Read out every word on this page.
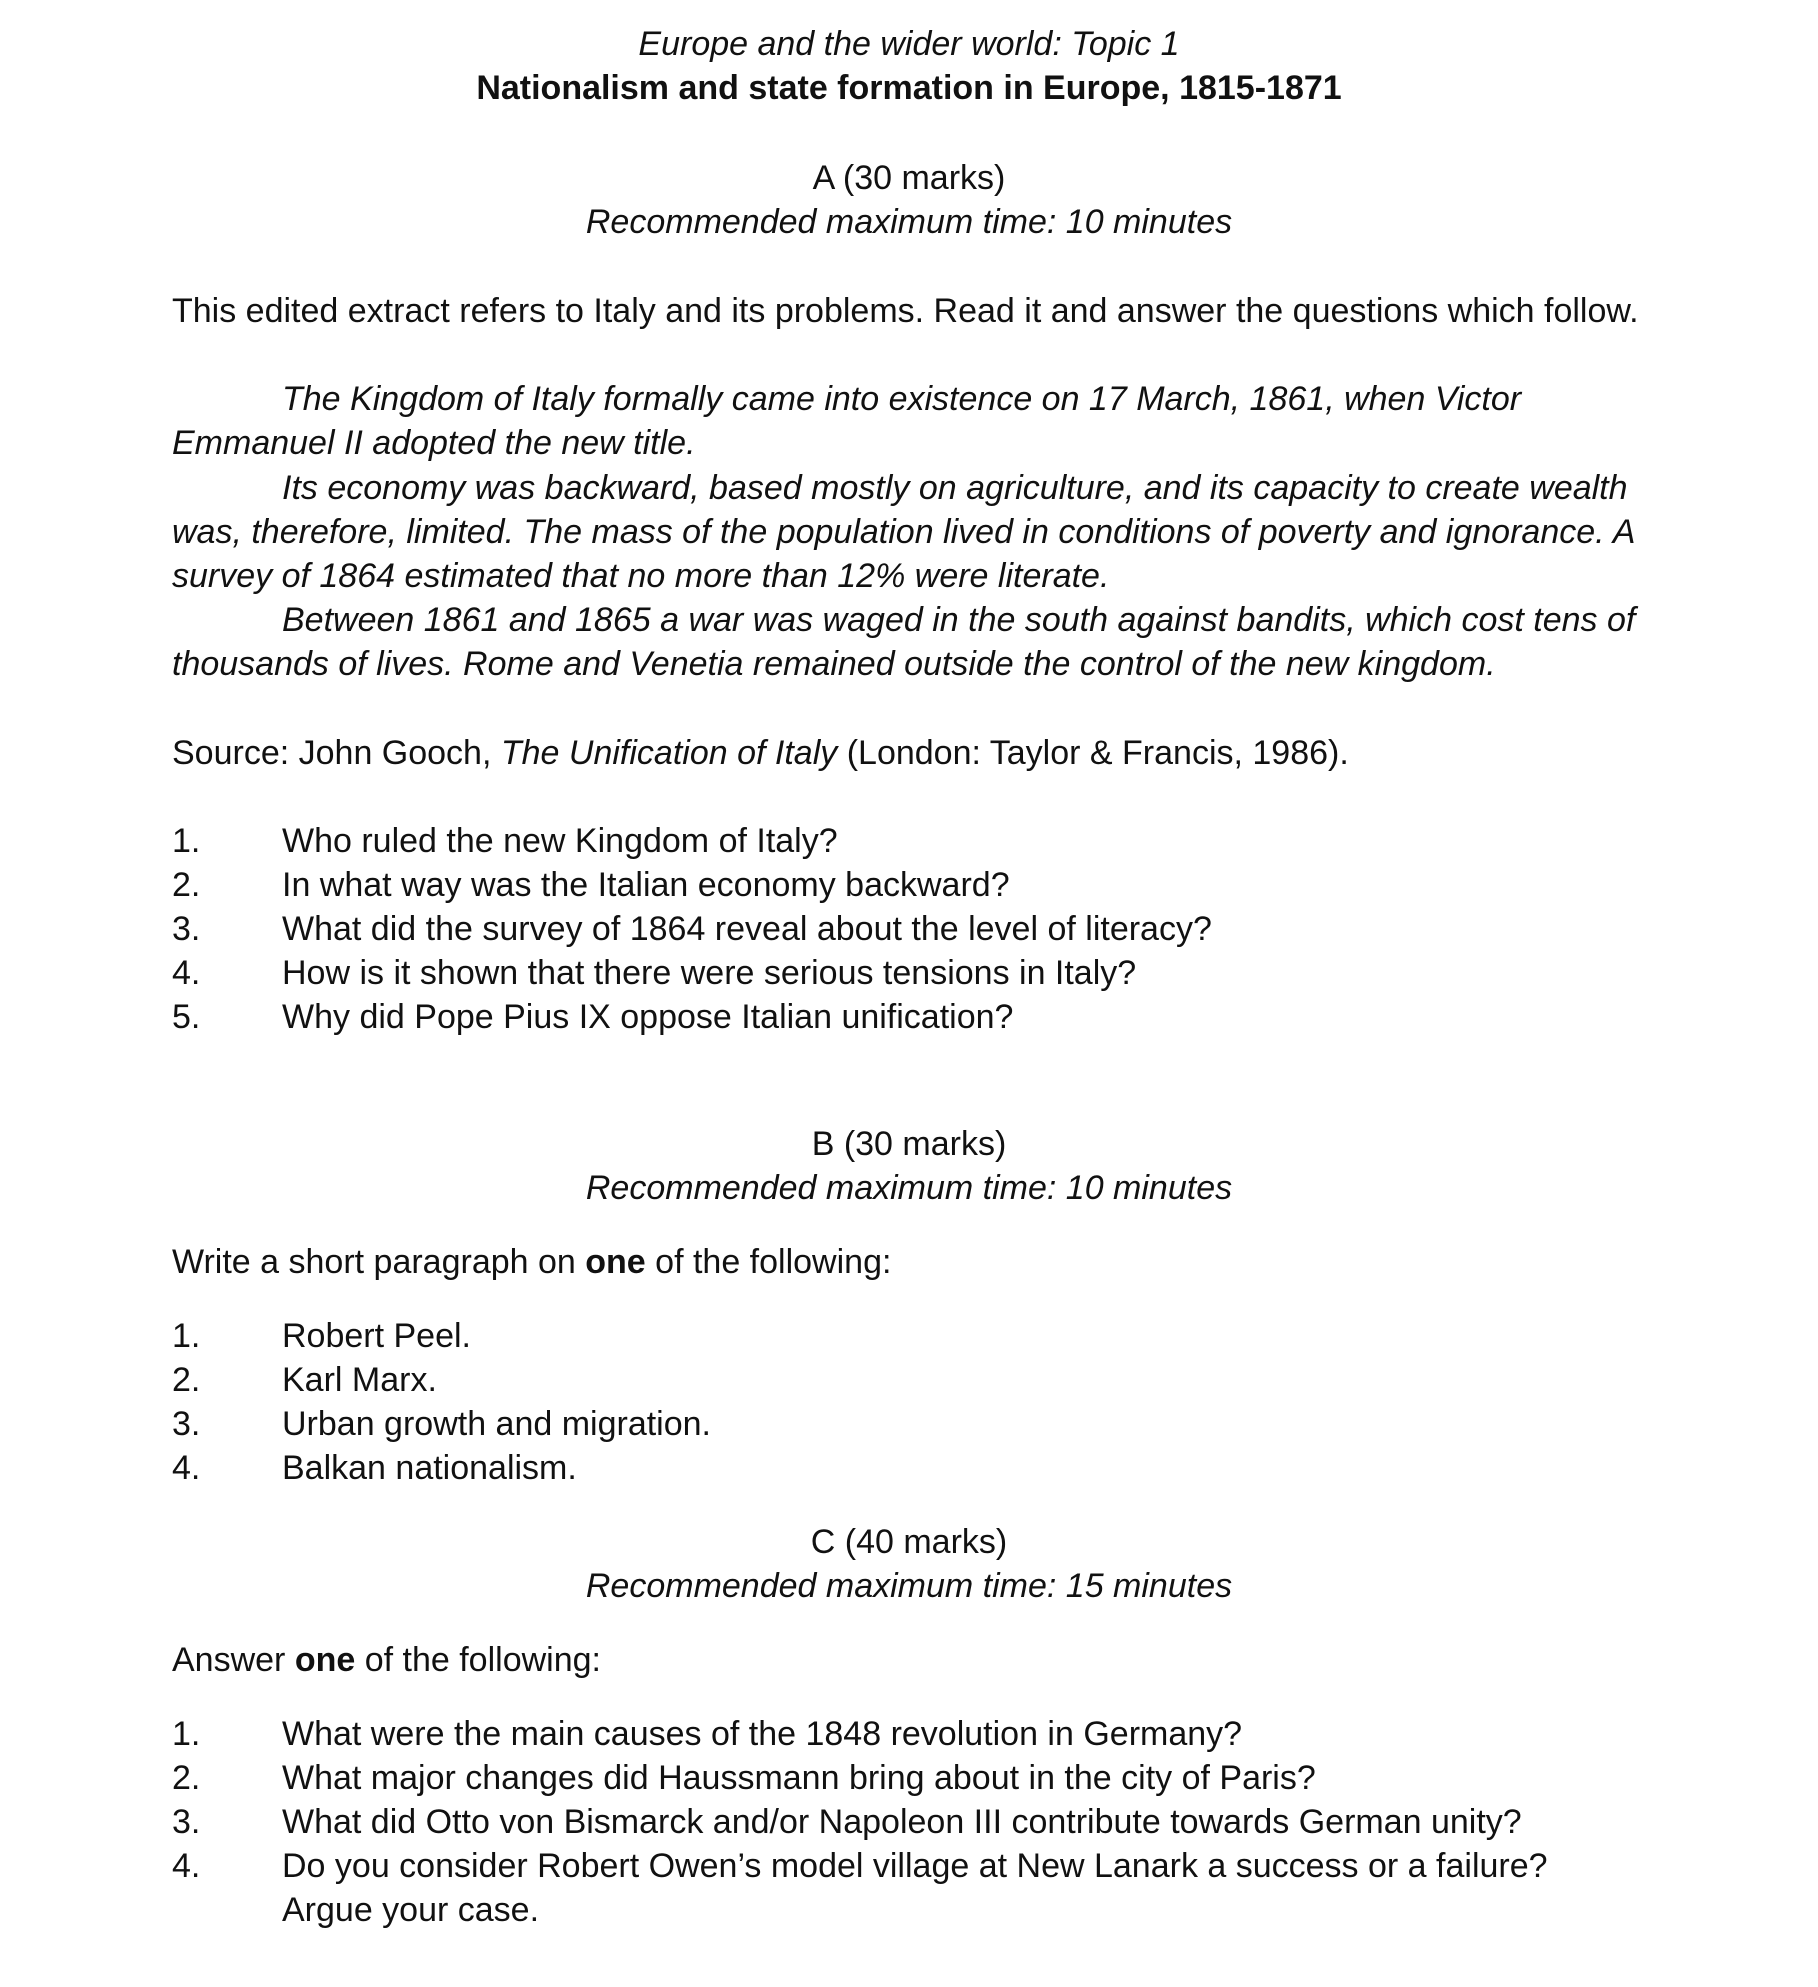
Europe and the wider world: Topic 1
Nationalism and state formation in Europe, 1815-1871
A (30 marks)
Recommended maximum time: 10 minutes
This edited extract refers to Italy and its problems. Read it and answer the questions which follow.
The Kingdom of Italy formally came into existence on 17 March, 1861, when Victor
Emmanuel II adopted the new title.
Its economy was backward, based mostly on agriculture, and its capacity to create wealth
was, therefore, limited. The mass of the population lived in conditions of poverty and ignorance. A
survey of 1864 estimated that no more than 12% were literate.
Between 1861 and 1865 a war was waged in the south against bandits, which cost tens of
thousands of lives. Rome and Venetia remained outside the control of the new kingdom.
Source: John Gooch, The Unification of Italy (London: Taylor & Francis, 1986).
1. Who ruled the new Kingdom of Italy?
2. In what way was the Italian economy backward?
3. What did the survey of 1864 reveal about the level of literacy?
4. How is it shown that there were serious tensions in Italy?
5. Why did Pope Pius IX oppose Italian unification?
B (30 marks)
Recommended maximum time: 10 minutes
Write a short paragraph on one of the following:
1. Robert Peel.
2. Karl Marx.
3. Urban growth and migration.
4. Balkan nationalism.
C (40 marks)
Recommended maximum time: 15 minutes
Answer one of the following:
1. What were the main causes of the 1848 revolution in Germany?
2. What major changes did Haussmann bring about in the city of Paris?
3. What did Otto von Bismarck and/or Napoleon III contribute towards German unity?
4. Do you consider Robert Owen’s model village at New Lanark a success or a failure?
Argue your case.
